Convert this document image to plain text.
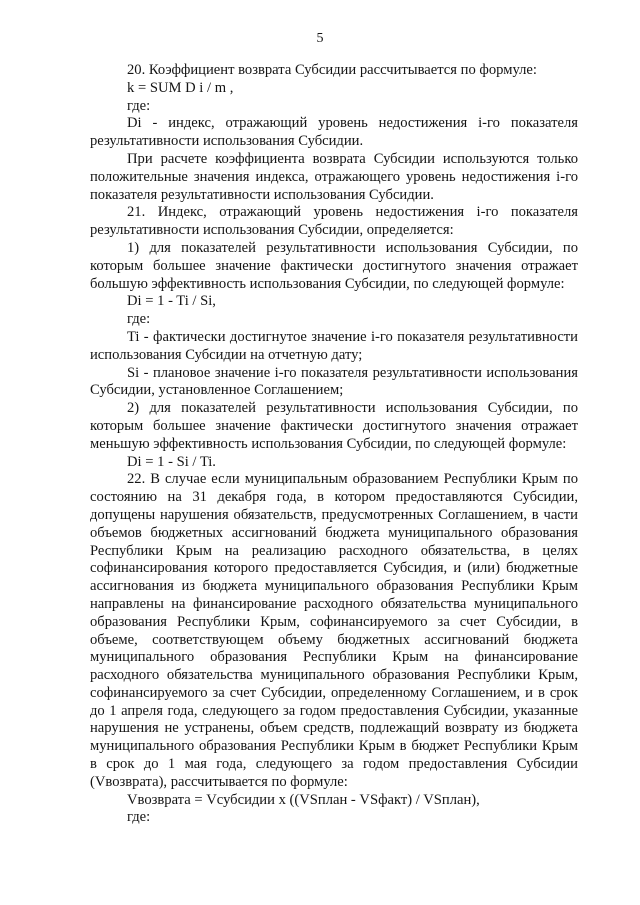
5

20. Коэффициент возврата Субсидии рассчитывается по формуле:

k = SUM D i / m ,

где:

Di - индекс, отражающий уровень недостижения i-го показателя результативности использования Субсидии.

При расчете коэффициента возврата Субсидии используются только положительные значения индекса, отражающего уровень недостижения i-го показателя результативности использования Субсидии.

21. Индекс, отражающий уровень недостижения i-го показателя результативности использования Субсидии, определяется:

1) для показателей результативности использования Субсидии, по которым большее значение фактически достигнутого значения отражает большую эффективность использования Субсидии, по следующей формуле:

Di = 1 - Ti / Si,

где:

Ti - фактически достигнутое значение i-го показателя результативности использования Субсидии на отчетную дату;

Si - плановое значение i-го показателя результативности использования Субсидии, установленное Соглашением;

2) для показателей результативности использования Субсидии, по которым большее значение фактически достигнутого значения отражает меньшую эффективность использования Субсидии, по следующей формуле:

Di = 1 - Si / Ti.

22. В случае если муниципальным образованием Республики Крым по состоянию на 31 декабря года, в котором предоставляются Субсидии, допущены нарушения обязательств, предусмотренных Соглашением, в части объемов бюджетных ассигнований бюджета муниципального образования Республики Крым на реализацию расходного обязательства, в целях софинансирования которого предоставляется Субсидия, и (или) бюджетные ассигнования из бюджета муниципального образования Республики Крым направлены на финансирование расходного обязательства муниципального образования Республики Крым, софинансируемого за счет Субсидии, в объеме, соответствующем объему бюджетных ассигнований бюджета муниципального образования Республики Крым на финансирование расходного обязательства муниципального образования Республики Крым, софинансируемого за счет Субсидии, определенному Соглашением, и в срок до 1 апреля года, следующего за годом предоставления Субсидии, указанные нарушения не устранены, объем средств, подлежащий возврату из бюджета муниципального образования Республики Крым в бюджет Республики Крым в срок до 1 мая года, следующего за годом предоставления Субсидии (Vвозврата), рассчитывается по формуле:

Vвозврата = Vсубсидии x ((VSплан - VSфакт) / VSплан),

где:
